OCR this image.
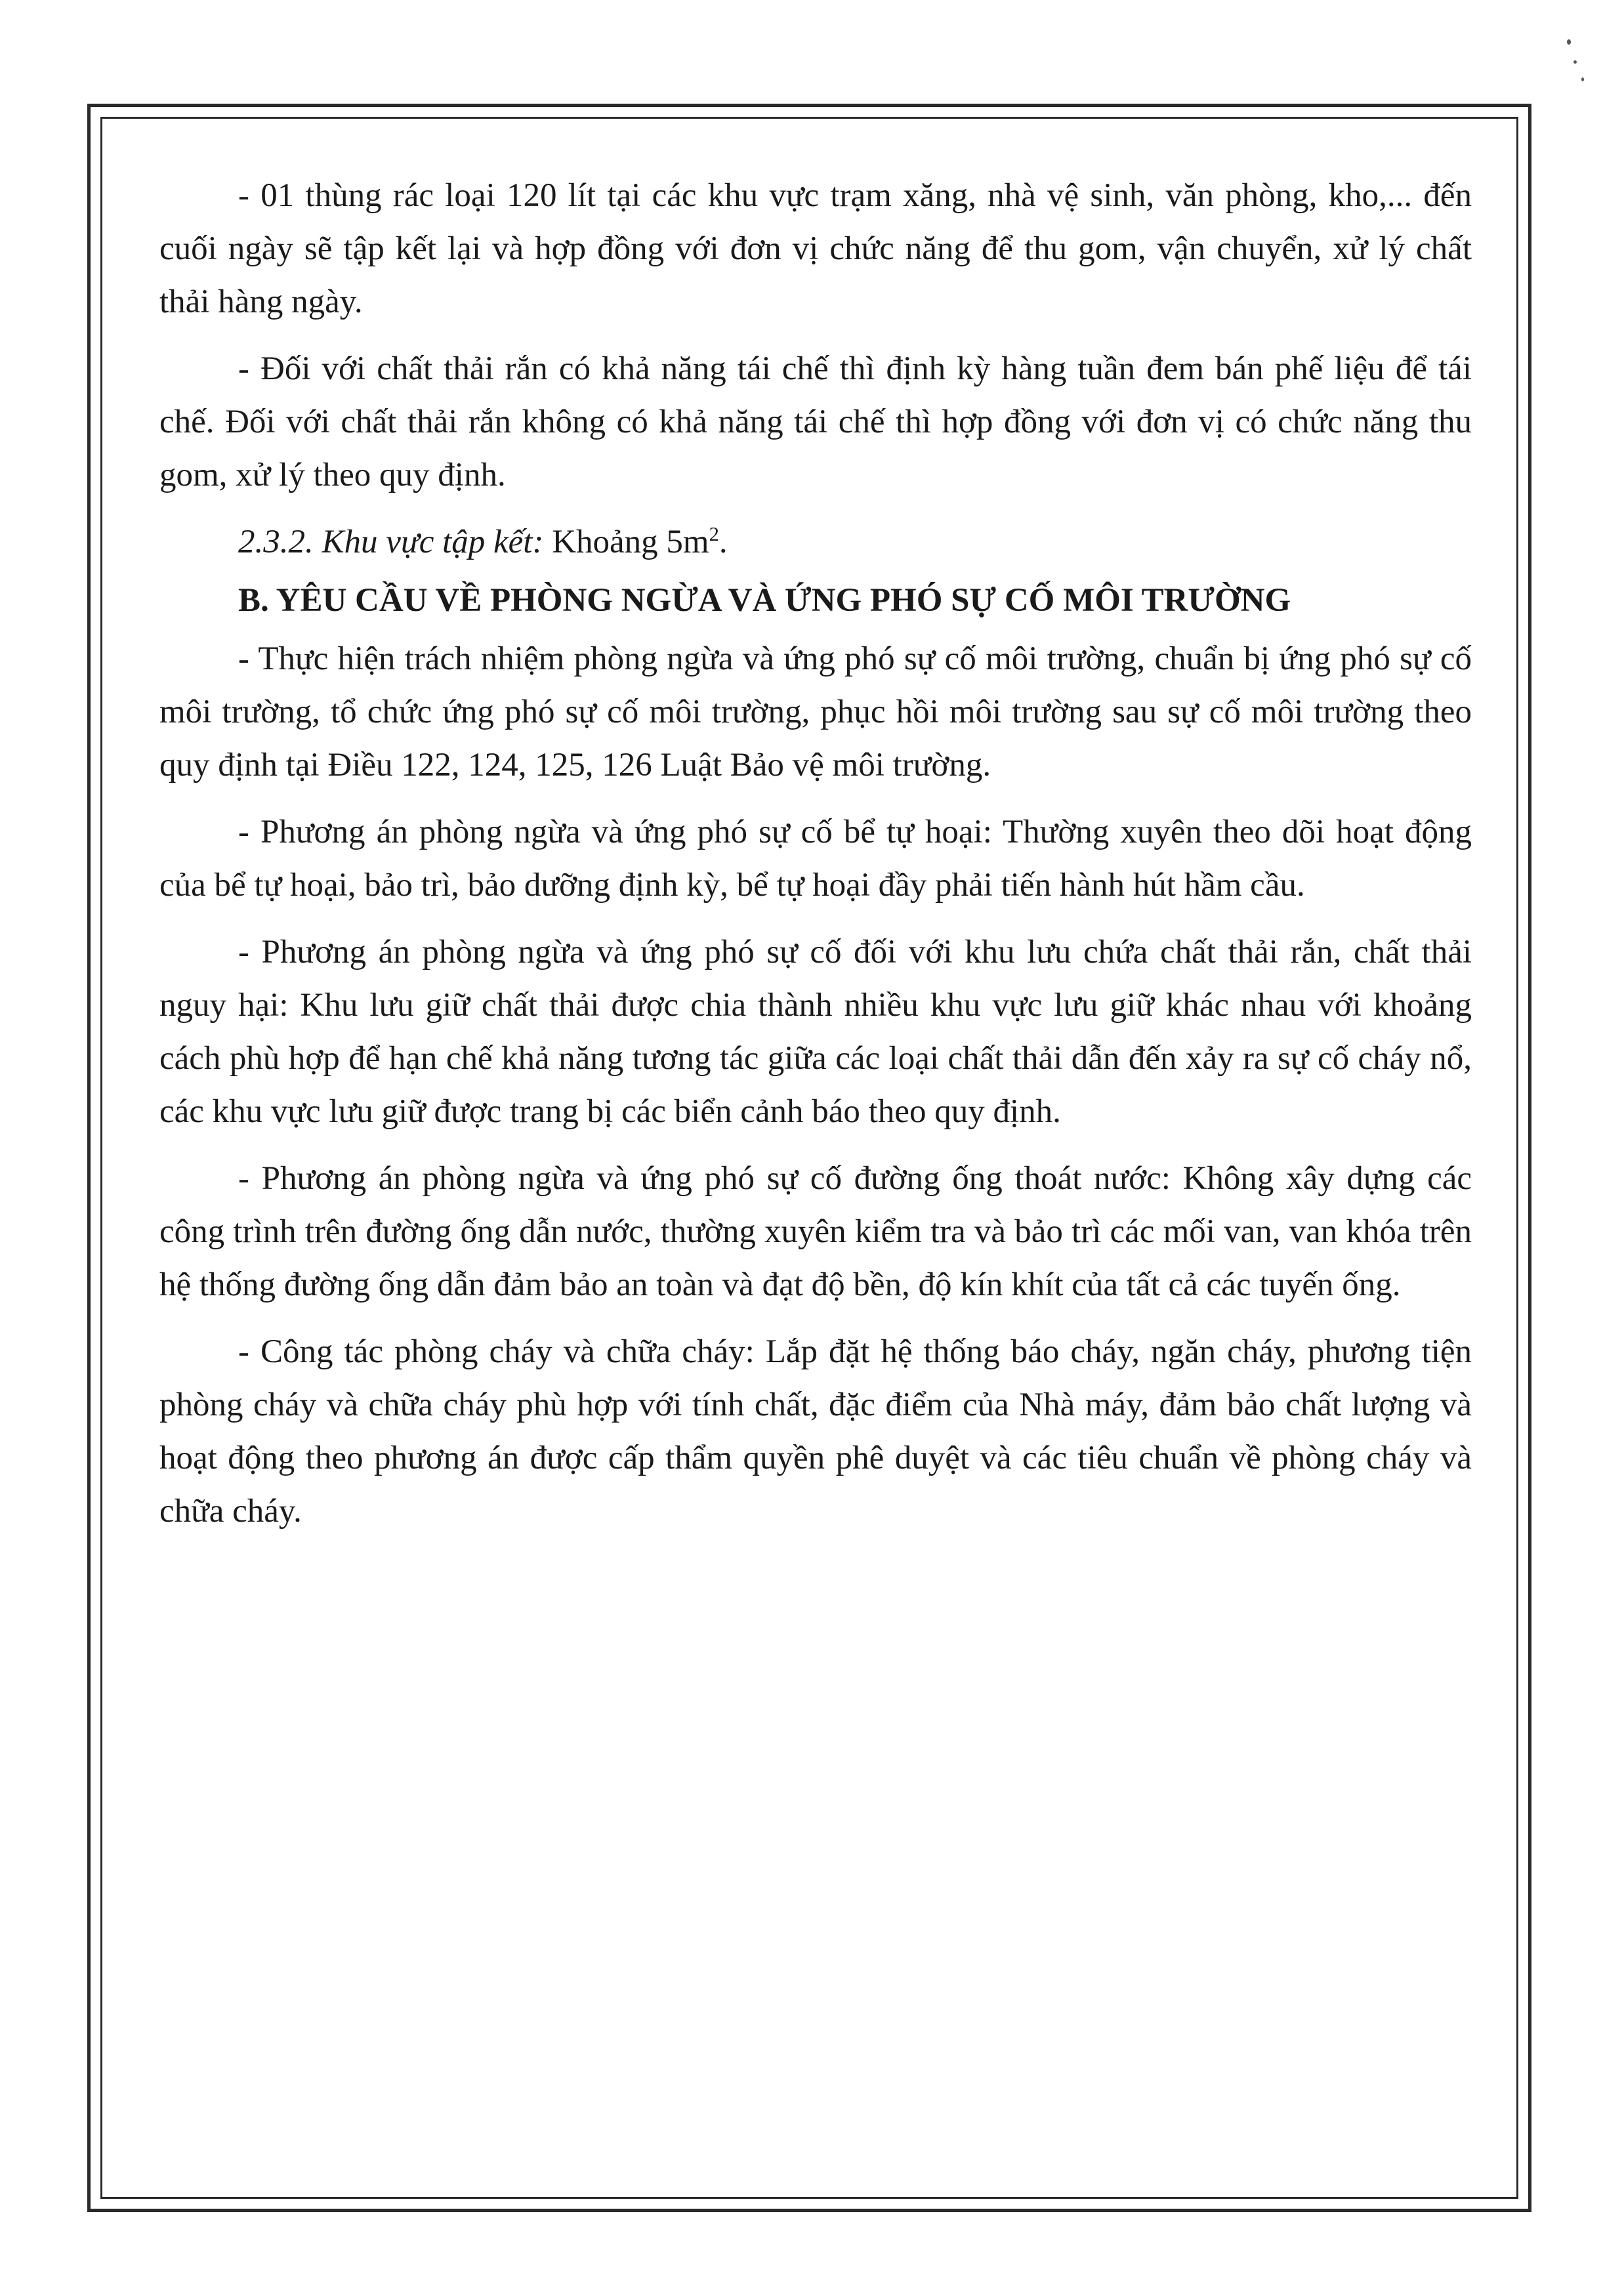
- 01 thùng rác loại 120 lít tại các khu vực trạm xăng, nhà vệ sinh, văn phòng, kho,... đến cuối ngày sẽ tập kết lại và hợp đồng với đơn vị chức năng để thu gom, vận chuyển, xử lý chất thải hàng ngày.

- Đối với chất thải rắn có khả năng tái chế thì định kỳ hàng tuần đem bán phế liệu để tái chế. Đối với chất thải rắn không có khả năng tái chế thì hợp đồng với đơn vị có chức năng thu gom, xử lý theo quy định.

2.3.2. Khu vực tập kết: Khoảng $5m^2$.

B. YÊU CẦU VỀ PHÒNG NGỪA VÀ ỨNG PHÓ SỰ CỐ MÔI TRƯỜNG

- Thực hiện trách nhiệm phòng ngừa và ứng phó sự cố môi trường, chuẩn bị ứng phó sự cố môi trường, tổ chức ứng phó sự cố môi trường, phục hồi môi trường sau sự cố môi trường theo quy định tại Điều 122, 124, 125, 126 Luật Bảo vệ môi trường.

- Phương án phòng ngừa và ứng phó sự cố bể tự hoại: Thường xuyên theo dõi hoạt động của bể tự hoại, bảo trì, bảo dưỡng định kỳ, bể tự hoại đầy phải tiến hành hút hầm cầu.

- Phương án phòng ngừa và ứng phó sự cố đối với khu lưu chứa chất thải rắn, chất thải nguy hại: Khu lưu giữ chất thải được chia thành nhiều khu vực lưu giữ khác nhau với khoảng cách phù hợp để hạn chế khả năng tương tác giữa các loại chất thải dẫn đến xảy ra sự cố cháy nổ, các khu vực lưu giữ được trang bị các biển cảnh báo theo quy định.

- Phương án phòng ngừa và ứng phó sự cố đường ống thoát nước: Không xây dựng các công trình trên đường ống dẫn nước, thường xuyên kiểm tra và bảo trì các mối van, van khóa trên hệ thống đường ống dẫn đảm bảo an toàn và đạt độ bền, độ kín khít của tất cả các tuyến ống.

- Công tác phòng cháy và chữa cháy: Lắp đặt hệ thống báo cháy, ngăn cháy, phương tiện phòng cháy và chữa cháy phù hợp với tính chất, đặc điểm của Nhà máy, đảm bảo chất lượng và hoạt động theo phương án được cấp thẩm quyền phê duyệt và các tiêu chuẩn về phòng cháy và chữa cháy.
